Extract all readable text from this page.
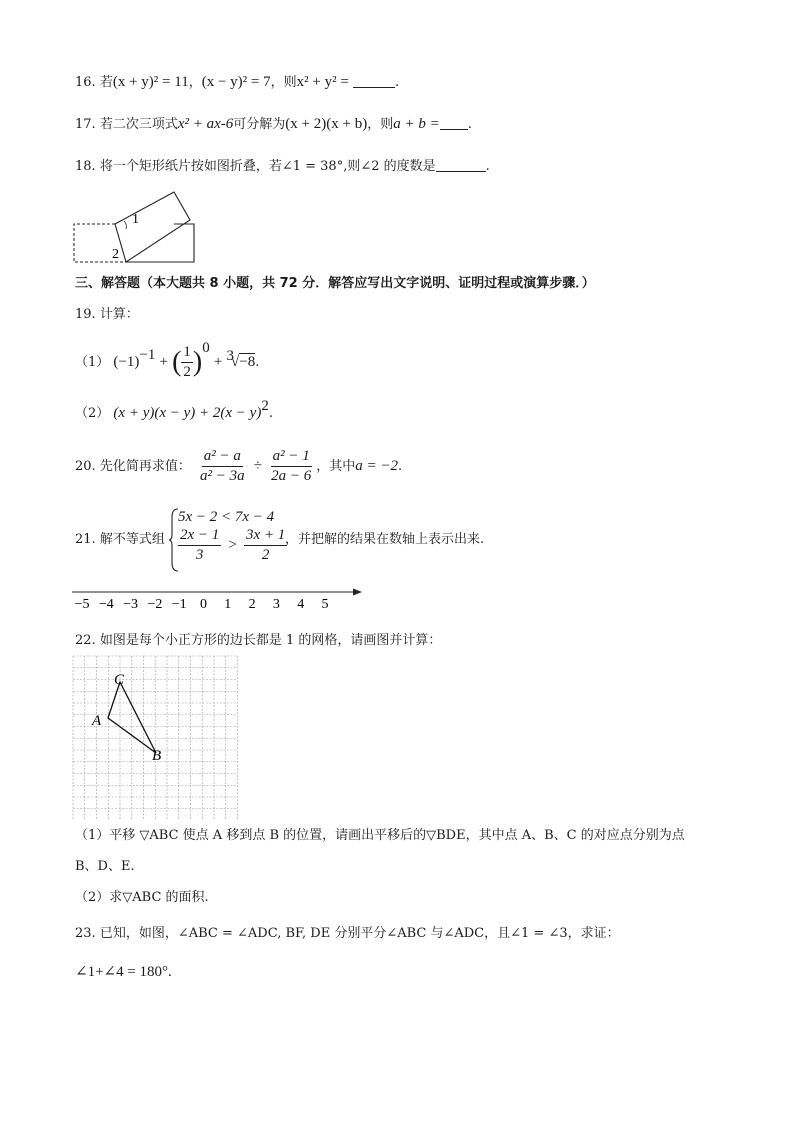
16. 若(x + y)² = 11，(x − y)² = 7，则x² + y² =	.
17. 若二次三项式x² + ax-6可分解为(x + 2)(x + b)，则a + b = .
18. 将一个矩形纸片按如图折叠，若∠1 = 38°,则∠2 的度数是	.
1
2
三、解答题（本大题共 8 小题，共 72 分．解答应写出文字说明、证明过程或演算步骤．）
19. 计算：
（1） $(-1)^{-1}$ + ( $\frac{1}{2} )^0 + ^3√-8$.
（2） $(x + y)(x - y) + 2(x - y)^2$.
20. 先化简再求值： $\frac{\text{a² − a}}{\text{a² − 3a}} \div \frac{\text{a² − 1}}{2a - 6}$ ，其中a = −2.
21. 解不等式组
5x − 2 < 7x − 4
$\frac{2x - 1}{3} > \frac{3x + 1}{2}$
，并把解的结果在数轴上表示出来.
−5 −4 −3 −2 −1 0 1 2 3 4 5
22. 如图是每个小正方形的边长都是 1 的网格，请画图并计算：
C
A
B
（1）平移 ▽ABC 使点 A 移到点 B 的位置，请画出平移后的▽BDE，其中点 A、B、C 的对应点分别为点
B、D、E.
（2）求▽ABC 的面积.
23. 已知，如图，∠ABC = ∠ADC, BF, DE 分别平分∠ABC 与∠ADC，且∠1 = ∠3，求证：
∠1+∠4 = 180°.
